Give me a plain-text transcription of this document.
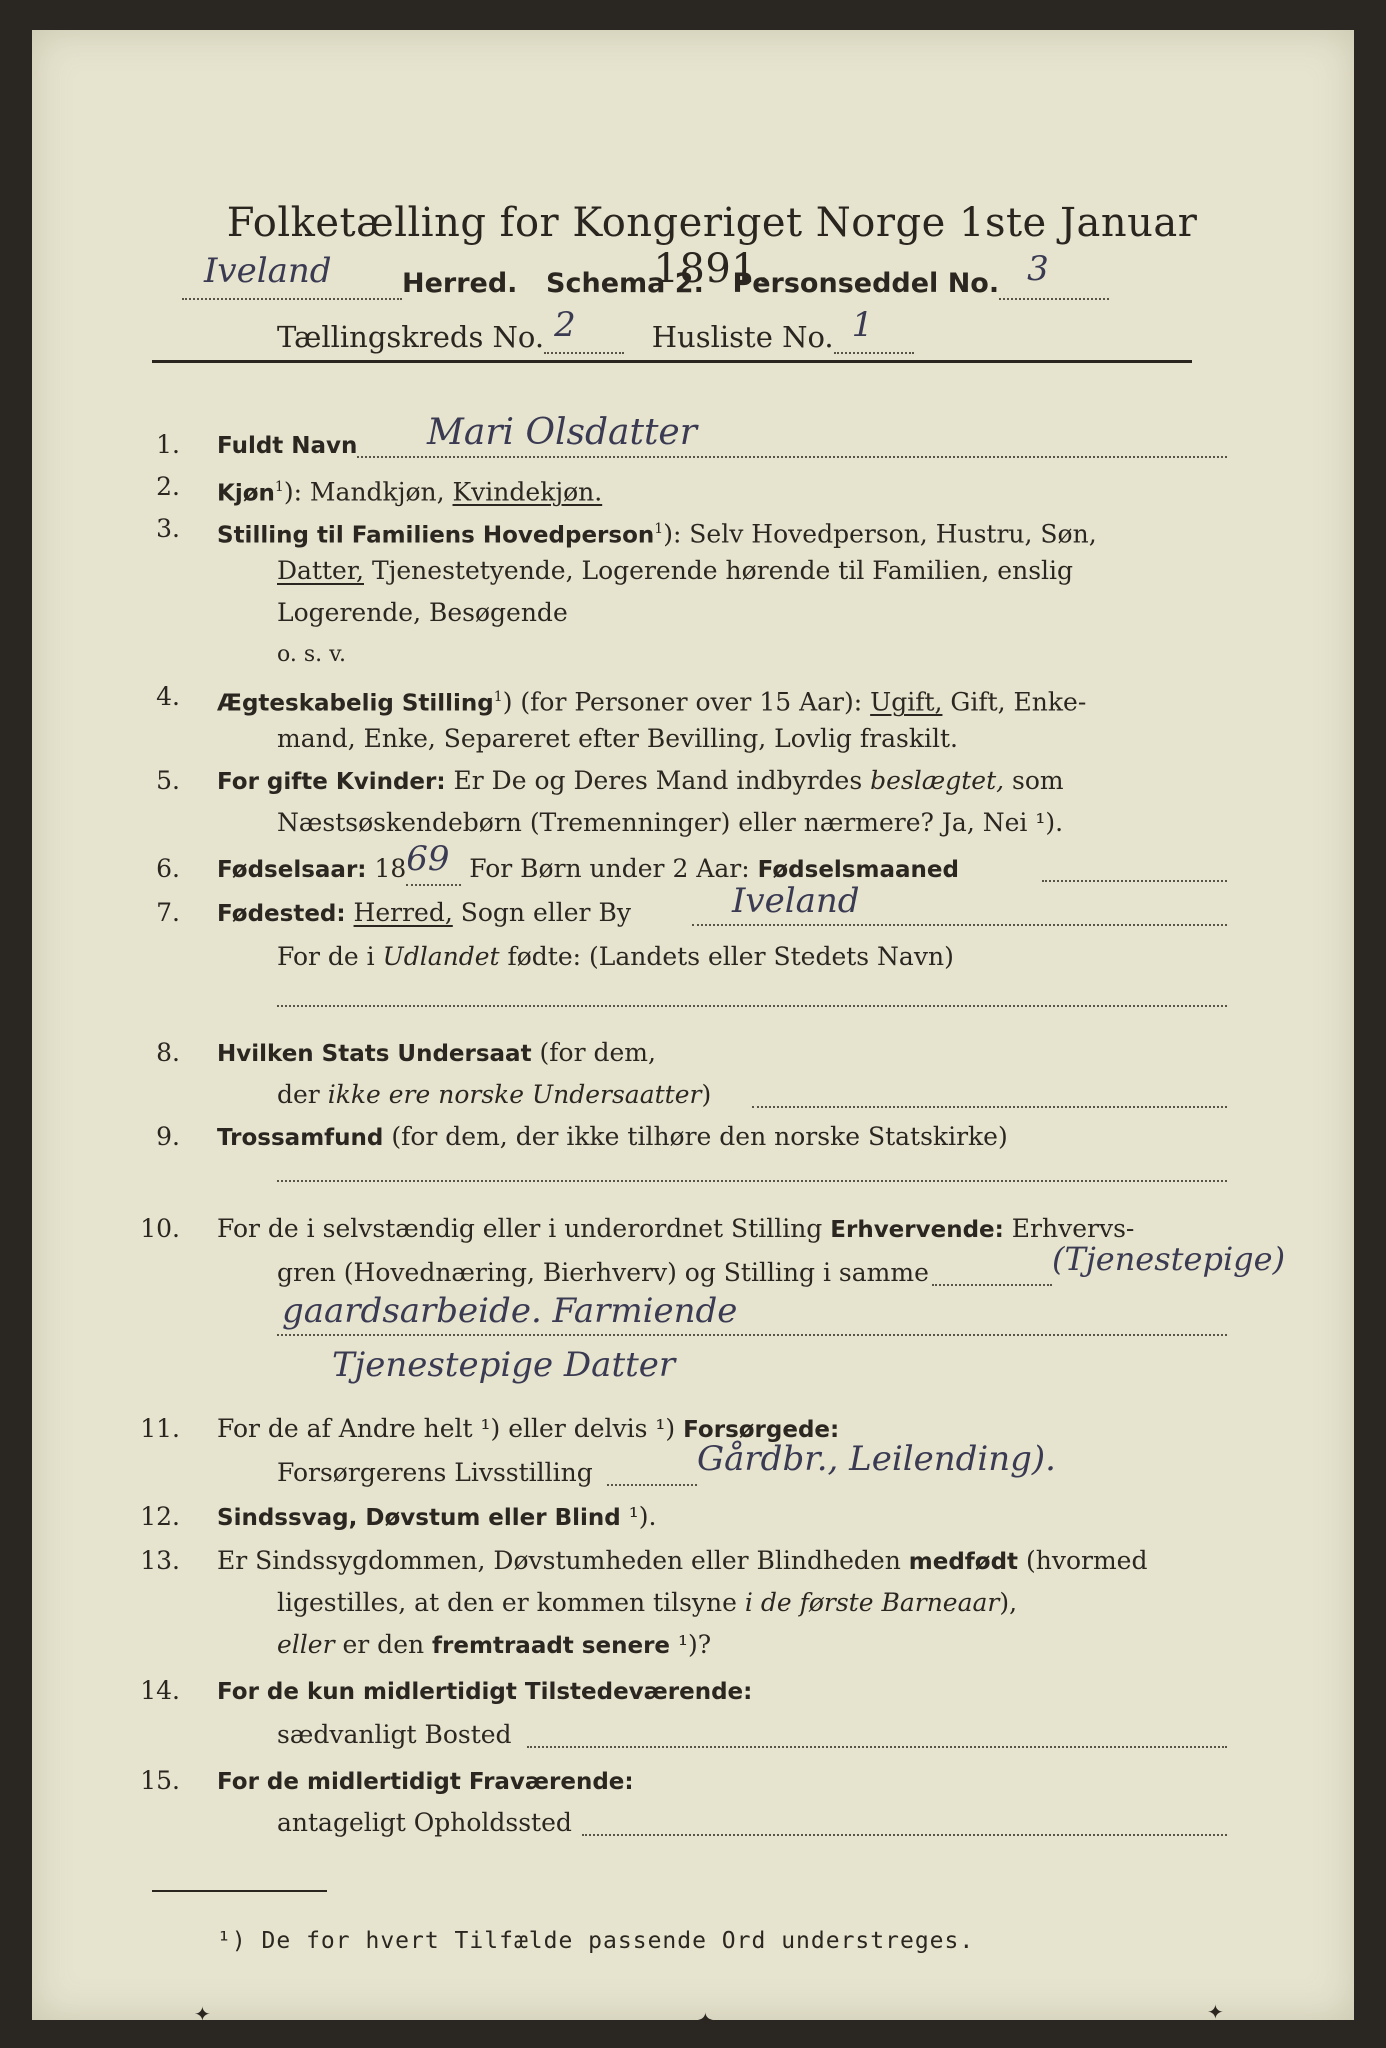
Folketælling for Kongeriget Norge 1ste Januar 1891.
Iveland	Herred. Schema 2. Personseddel No. 3

Tællingskreds No. 2	Husliste No. 1

1. Fuldt Navn Mari Olsdatter
2. Kjøn$^1$): Mandkjøn, Kvindekjøn.
3. Stilling til Familiens Hovedperson$^1$): Selv Hovedperson, Hustru, Søn,
Datter, Tjenestetyende, Logerende hørende til Familien, enslig
Logerende, Besøgende
o. s. v.
4. Ægteskabelig Stilling$^1$) (for Personer over 15 Aar): Ugift, Gift, Enke-
mand, Enke, Separeret efter Bevilling, Lovlig fraskilt.
5. For gifte Kvinder: Er De og Deres Mand indbyrdes beslægtet, som
Næstsøskendebørn (Tremenninger) eller nærmere? Ja, Nei ¹).
6. Fødselsaar: 18 69 For Børn under 2 Aar: Fødselsmaaned
7. Fødested: Herred, Sogn eller By	Iveland
For de i Udlandet fødte: (Landets eller Stedets Navn)
8. Hvilken Stats Undersaat (for dem,
der ikke ere norske Undersaatter)
9. Trossamfund (for dem, der ikke tilhøre den norske Statskirke)
10. For de i selvstændig eller i underordnet Stilling Erhvervende: Erhvervs-
gren (Hovednæring, Bierhverv) og Stilling i samme	(Tjenestepige)
gaardsarbeide. Farmiende
Tjenestepige Datter
11. For de af Andre helt ¹) eller delvis ¹) Forsørgede:
Forsørgerens Livsstilling	Gårdbr., Leilending).
12. Sindssvag, Døvstum eller Blind ¹).
13. Er Sindssygdommen, Døvstumheden eller Blindheden medfødt (hvormed
ligestilles, at den er kommen tilsyne i de første Barneaar),
eller er den fremtraadt senere ¹)?
14. For de kun midlertidigt Tilstedeværende:
sædvanligt Bosted
15. For de midlertidigt Fraværende:
antageligt Opholdssted
¹) De for hvert Tilfælde passende Ord understreges.
✦	✦	✦
